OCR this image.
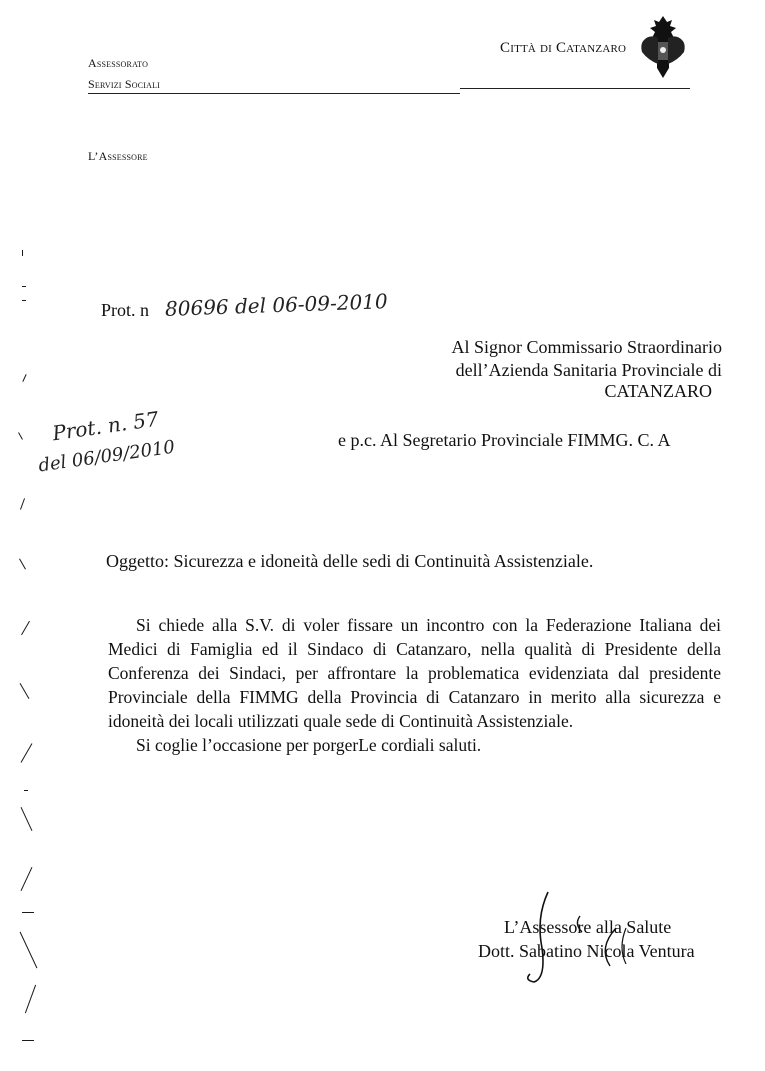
Assessorato
Servizi Sociali
Città di Catanzaro
L’Assessore
Prot. n 80696 del 06-09-2010
Al Signor Commissario Straordinario
dell’Azienda Sanitaria Provinciale di
CATANZARO
Prot. n. 57
del 06/09/2010	e p.c. Al Segretario Provinciale FIMMG. C. A
Oggetto: Sicurezza e idoneità delle sedi di Continuità Assistenziale.

Si chiede alla S.V. di voler fissare un incontro con la Federazione Italiana dei Medici di Famiglia ed il Sindaco di Catanzaro, nella qualità di Presidente della Conferenza dei Sindaci, per affrontare la problematica evidenziata dal presidente Provinciale della FIMMG della Provincia di Catanzaro in merito alla sicurezza e idoneità dei locali utilizzati quale sede di Continuità Assistenziale.

Si coglie l’occasione per porgerLe cordiali saluti.

L’Assessore alla Salute
Dott. Sabatino Nicola Ventura
